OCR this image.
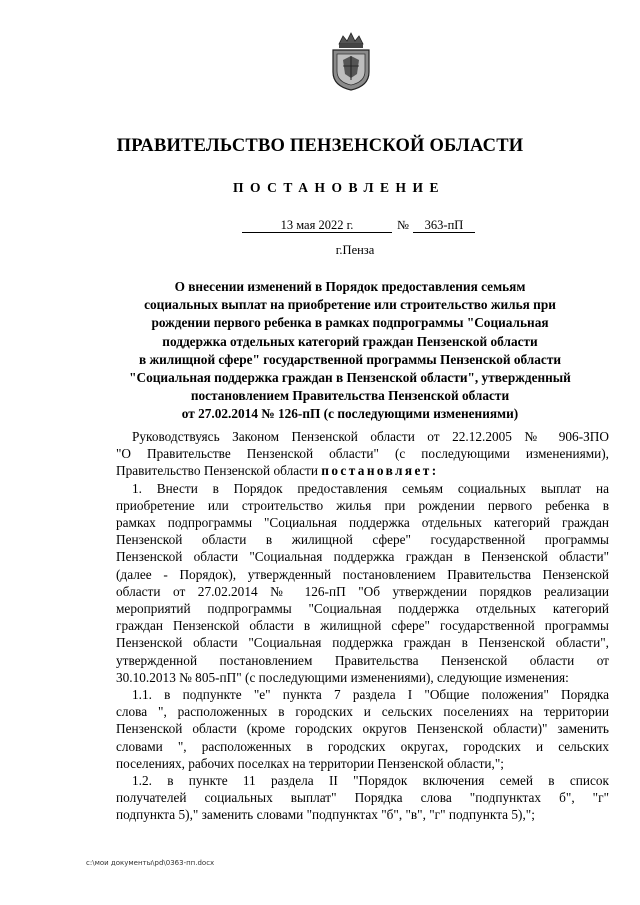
ПРАВИТЕЛЬСТВО ПЕНЗЕНСКОЙ ОБЛАСТИ
ПОСТАНОВЛЕНИЕ
13 мая 2022 г.	№	363-пП
г.Пенза
О внесении изменений в Порядок предоставления семьям
социальных выплат на приобретение или строительство жилья при
рождении первого ребенка в рамках подпрограммы "Социальная
поддержка отдельных категорий граждан Пензенской области
в жилищной сфере" государственной программы Пензенской области
"Социальная поддержка граждан в Пензенской области", утвержденный
постановлением Правительства Пензенской области
от 27.02.2014 № 126-пП (с последующими изменениями)
Руководствуясь Законом Пензенской области от 22.12.2005 № 906-ЗПО
"О Правительстве Пензенской области" (с последующими изменениями),
Правительство Пензенской области постановляет:
1. Внести в Порядок предоставления семьям социальных выплат на
приобретение или строительство жилья при рождении первого ребенка в
рамках подпрограммы "Социальная поддержка отдельных категорий граждан
Пензенской области в жилищной сфере" государственной программы
Пензенской области "Социальная поддержка граждан в Пензенской области"
(далее - Порядок), утвержденный постановлением Правительства Пензенской
области от 27.02.2014 № 126-пП "Об утверждении порядков реализации
мероприятий подпрограммы "Социальная поддержка отдельных категорий
граждан Пензенской области в жилищной сфере" государственной программы
Пензенской области "Социальная поддержка граждан в Пензенской области",
утвержденной постановлением Правительства Пензенской области от
30.10.2013 № 805-пП" (с последующими изменениями), следующие изменения:
1.1. в подпункте "е" пункта 7 раздела I "Общие положения" Порядка
слова ", расположенных в городских и сельских поселениях на территории
Пензенской области (кроме городских округов Пензенской области)" заменить
словами ", расположенных в городских округах, городских и сельских
поселениях, рабочих поселках на территории Пензенской области,";
1.2. в пункте 11 раздела II "Порядок включения семей в список
получателей социальных выплат" Порядка слова "подпунктах б", "г"
подпункта 5)," заменить словами "подпунктах "б", "в", "г" подпункта 5),";
c:\мои документы\pd\0363-пп.docx
